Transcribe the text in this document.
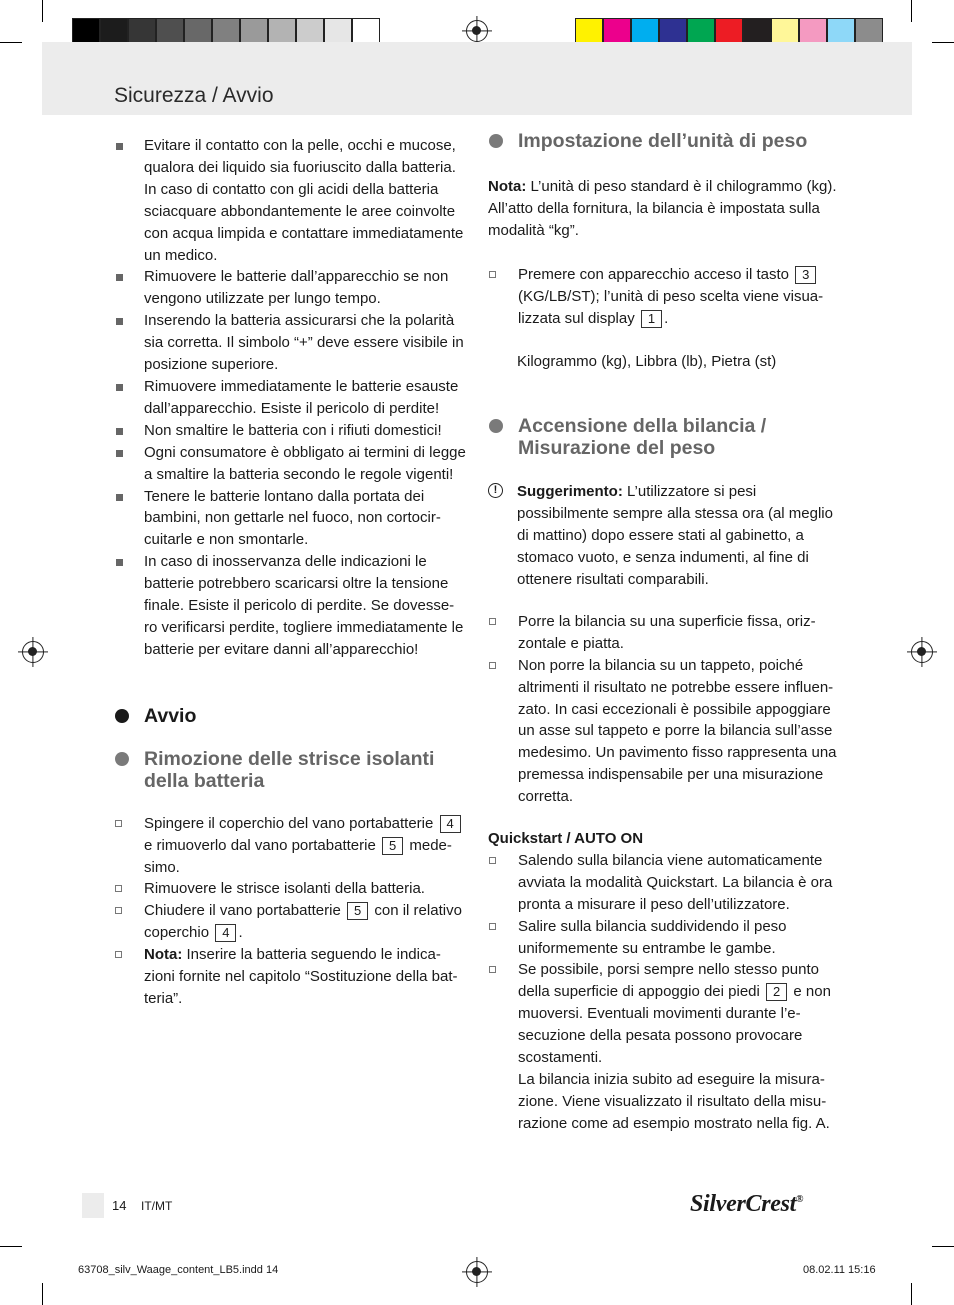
Sicurezza / Avvio
Evitare il contatto con la pelle, occhi e mucose, qualora dei liquido sia fuoriuscito dalla batteria. In caso di contatto con gli acidi della batteria sciacquare abbondantemente le aree coinvolte con acqua limpida e contattare immediatamente un medico.
Rimuovere le batterie dall’apparecchio se non vengono utilizzate per lungo tempo.
Inserendo la batteria assicurarsi che la polarità sia corretta. Il simbolo “+” deve essere visibile in posizione superiore.
Rimuovere immediatamente le batterie esauste dall’apparecchio. Esiste il pericolo di perdite!
Non smaltire le batteria con i rifiuti domestici!
Ogni consumatore è obbligato ai termini di legge a smaltire la batteria secondo le regole vigenti!
Tenere le batterie lontano dalla portata dei bambini, non gettarle nel fuoco, non cortocir-cuitarle e non smontarle.
In caso di inosservanza delle indicazioni le batterie potrebbero scaricarsi oltre la tensione finale. Esiste il pericolo di perdite. Se dovesse-ro verificarsi perdite, togliere immediatamente le batterie per evitare danni all’apparecchio!
Avvio
Rimozione delle strisce isolanti della batteria
Spingere il coperchio del vano portabatterie 4 e rimuoverlo dal vano portabatterie 5 mede-simo.
Rimuovere le strisce isolanti della batteria.
Chiudere il vano portabatterie 5 con il relativo coperchio 4 .
Nota: Inserire la batteria seguendo le indica-zioni fornite nel capitolo “Sostituzione della bat-teria”.
Impostazione dell’unità di peso

Nota: L’unità di peso standard è il chilogrammo (kg). All’atto della fornitura, la bilancia è impostata sulla modalità “kg”.

Premere con apparecchio acceso il tasto 3 (KG/LB/ST); l’unità di peso scelta viene visua-lizzata sul display 1 .

Kilogrammo (kg), Libbra (lb), Pietra (st)

Accensione della bilancia / Misurazione del peso
!	Suggerimento: L’utilizzatore si pesi possibilmente sempre alla stessa ora (al meglio di mattino) dopo essere stati al gabinetto, a stomaco vuoto, e senza indumenti, al fine di ottenere risultati comparabili.
Porre la bilancia su una superficie fissa, oriz-zontale e piatta.
Non porre la bilancia su un tappeto, poiché altrimenti il risultato ne potrebbe essere influen-zato. In casi eccezionali è possibile appoggiare un asse sul tappeto e porre la bilancia sull’asse medesimo. Un pavimento fisso rappresenta una premessa indispensabile per una misurazione corretta.
Quickstart / AUTO ON
Salendo sulla bilancia viene automaticamente avviata la modalità Quickstart. La bilancia è ora pronta a misurare il peso dell’utilizzatore.
Salire sulla bilancia suddividendo il peso uniformemente su entrambe le gambe.
Se possibile, porsi sempre nello stesso punto della superficie di appoggio dei piedi 2 e non muoversi. Eventuali movimenti durante l’e-secuzione della pesata possono provocare scostamenti.
La bilancia inizia subito ad eseguire la misura-zione. Viene visualizzato il risultato della misu-razione come ad esempio mostrato nella fig. A.
14 IT/MT	SilverCrest®
63708_silv_Waage_content_LB5.indd 14	08.02.11 15:16
